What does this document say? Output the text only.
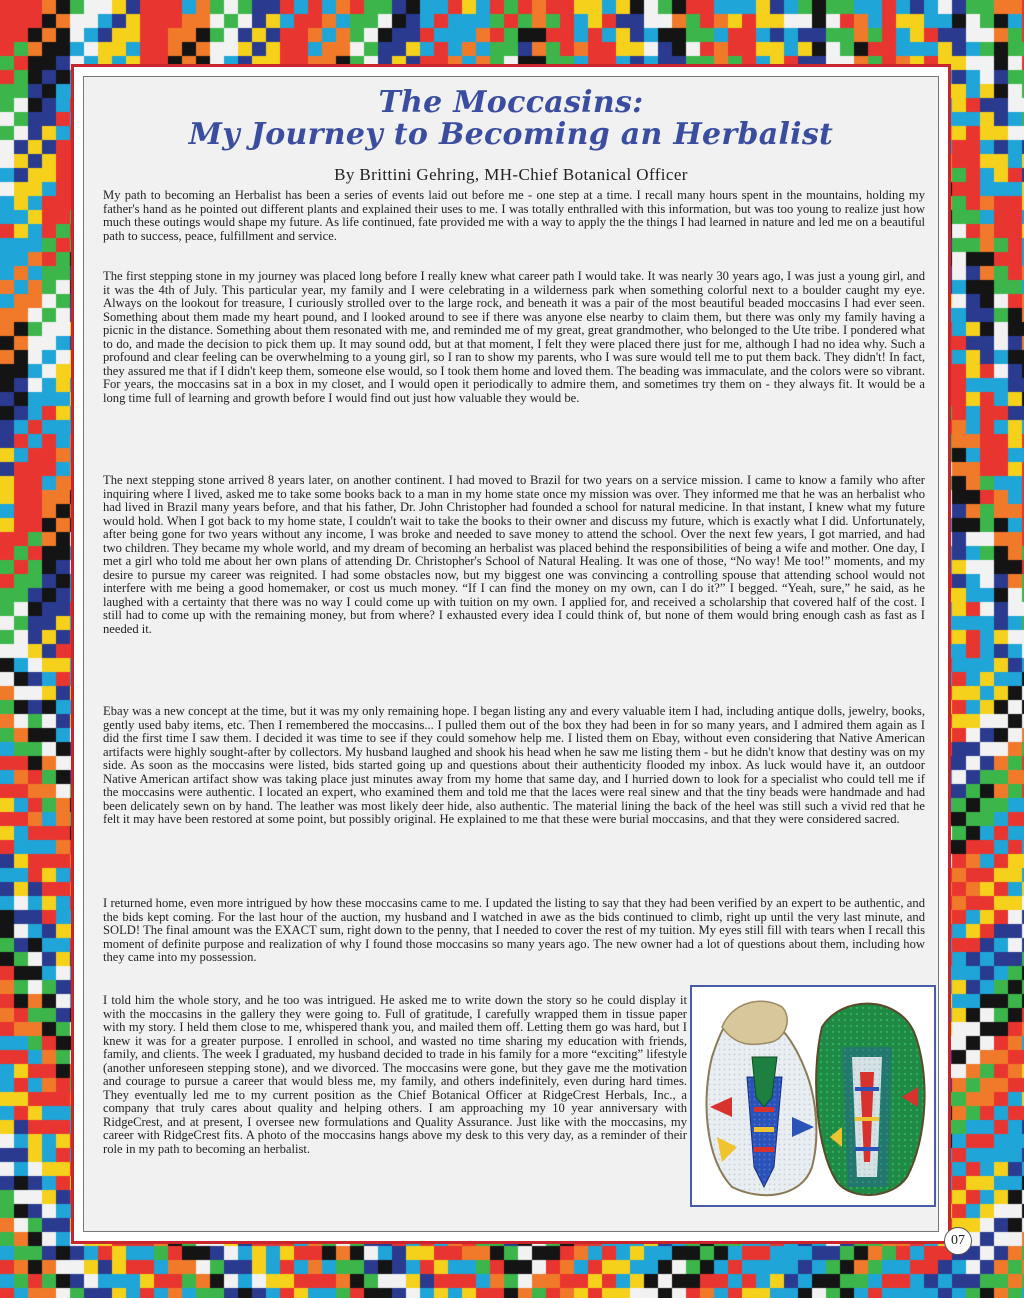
The Moccasins:
My Journey to Becoming an Herbalist
By Brittini Gehring, MH-Chief Botanical Officer

My path to becoming an Herbalist has been a series of events laid out before me - one step at a time. I recall many hours spent in the mountains, holding my father's hand as he pointed out different plants and explained their uses to me. I was totally enthralled with this information, but was too young to realize just how much these outings would shape my future. As life continued, fate provided me with a way to apply the the things I had learned in nature and led me on a beautiful path to success, peace, fulfillment and service.

The first stepping stone in my journey was placed long before I really knew what career path I would take. It was nearly 30 years ago, I was just a young girl, and it was the 4th of July. This particular year, my family and I were celebrating in a wilderness park when something colorful next to a boulder caught my eye. Always on the lookout for treasure, I curiously strolled over to the large rock, and beneath it was a pair of the most beautiful beaded moccasins I had ever seen. Something about them made my heart pound, and I looked around to see if there was anyone else nearby to claim them, but there was only my family having a picnic in the distance. Something about them resonated with me, and reminded me of my great, great grandmother, who belonged to the Ute tribe. I pondered what to do, and made the decision to pick them up. It may sound odd, but at that moment, I felt they were placed there just for me, although I had no idea why. Such a profound and clear feeling can be overwhelming to a young girl, so I ran to show my parents, who I was sure would tell me to put them back. They didn't! In fact, they assured me that if I didn't keep them, someone else would, so I took them home and loved them. The beading was immaculate, and the colors were so vibrant. For years, the moccasins sat in a box in my closet, and I would open it periodically to admire them, and sometimes try them on - they always fit. It would be a long time full of learning and growth before I would find out just how valuable they would be.

The next stepping stone arrived 8 years later, on another continent. I had moved to Brazil for two years on a service mission. I came to know a family who after inquiring where I lived, asked me to take some books back to a man in my home state once my mission was over. They informed me that he was an herbalist who had lived in Brazil many years before, and that his father, Dr. John Christopher had founded a school for natural medicine. In that instant, I knew what my future would hold. When I got back to my home state, I couldn't wait to take the books to their owner and discuss my future, which is exactly what I did. Unfortunately, after being gone for two years without any income, I was broke and needed to save money to attend the school. Over the next few years, I got married, and had two children. They became my whole world, and my dream of becoming an herbalist was placed behind the responsibilities of being a wife and mother. One day, I met a girl who told me about her own plans of attending Dr. Christopher's School of Natural Healing. It was one of those, “No way! Me too!” moments, and my desire to pursue my career was reignited. I had some obstacles now, but my biggest one was convincing a controlling spouse that attending school would not interfere with me being a good homemaker, or cost us much money. “If I can find the money on my own, can I do it?” I begged. “Yeah, sure,” he said, as he laughed with a certainty that there was no way I could come up with tuition on my own. I applied for, and received a scholarship that covered half of the cost. I still had to come up with the remaining money, but from where? I exhausted every idea I could think of, but none of them would bring enough cash as fast as I needed it.

Ebay was a new concept at the time, but it was my only remaining hope. I began listing any and every valuable item I had, including antique dolls, jewelry, books, gently used baby items, etc. Then I remembered the moccasins... I pulled them out of the box they had been in for so many years, and I admired them again as I did the first time I saw them. I decided it was time to see if they could somehow help me. I listed them on Ebay, without even considering that Native American artifacts were highly sought-after by collectors. My husband laughed and shook his head when he saw me listing them - but he didn't know that destiny was on my side. As soon as the moccasins were listed, bids started going up and questions about their authenticity flooded my inbox. As luck would have it, an outdoor Native American artifact show was taking place just minutes away from my home that same day, and I hurried down to look for a specialist who could tell me if the moccasins were authentic. I located an expert, who examined them and told me that the laces were real sinew and that the tiny beads were handmade and had been delicately sewn on by hand. The leather was most likely deer hide, also authentic. The material lining the back of the heel was still such a vivid red that he felt it may have been restored at some point, but possibly original. He explained to me that these were burial moccasins, and that they were considered sacred.

I returned home, even more intrigued by how these moccasins came to me. I updated the listing to say that they had been verified by an expert to be authentic, and the bids kept coming. For the last hour of the auction, my husband and I watched in awe as the bids continued to climb, right up until the very last minute, and SOLD! The final amount was the EXACT sum, right down to the penny, that I needed to cover the rest of my tuition. My eyes still fill with tears when I recall this moment of definite purpose and realization of why I found those moccasins so many years ago. The new owner had a lot of questions about them, including how they came into my possession.

I told him the whole story, and he too was intrigued. He asked me to write down the story so he could display it with the moccasins in the gallery they were going to. Full of gratitude, I carefully wrapped them in tissue paper with my story. I held them close to me, whispered thank you, and mailed them off. Letting them go was hard, but I knew it was for a greater purpose. I enrolled in school, and wasted no time sharing my education with friends, family, and clients. The week I graduated, my husband decided to trade in his family for a more “exciting” lifestyle (another unforeseen stepping stone), and we divorced. The moccasins were gone, but they gave me the motivation and courage to pursue a career that would bless me, my family, and others indefinitely, even during hard times. They eventually led me to my current position as the Chief Botanical Officer at RidgeCrest Herbals, Inc., a company that truly cares about quality and helping others. I am approaching my 10 year anniversary with RidgeCrest, and at present, I oversee new formulations and Quality Assurance. Just like with the moccasins, my career with RidgeCrest fits. A photo of the moccasins hangs above my desk to this very day, as a reminder of their role in my path to becoming an herbalist.

07
